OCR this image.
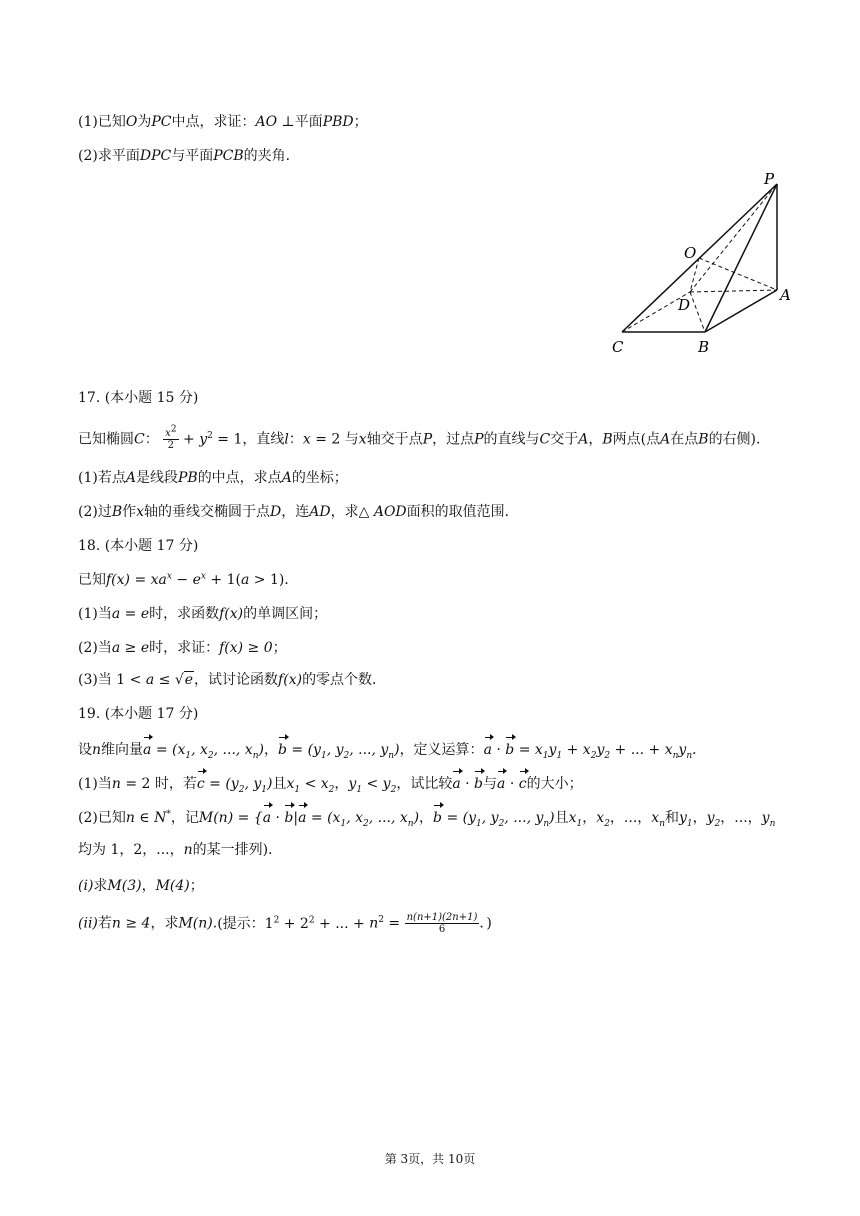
(1)已知O为PC中点，求证：AO ⊥平面PBD；
(2)求平面DPC与平面PCB的夹角．
P
O
D
A
C	B
17. (本小题 15 分)
已知椭圆C： $\frac{x^2}{2} + y^2 = 1$，直线l：x = 2 与x轴交于点P，过点P的直线与C交于A，B两点(点A在点B的右侧)．
(1)若点A是线段PB的中点，求点A的坐标；
(2)过B作x轴的垂线交椭圆于点D，连AD，求△ AOD面积的取值范围．
18. (本小题 17 分)
已知$f(x) = xa^x - e^x + 1(a > 1)$．
(1)当a = e时，求函数f(x)的单调区间；
(2)当a ≥ e时，求证：f(x) ≥ 0；
(3)当 1 < a ≤ √e，试讨论函数f(x)的零点个数．
19. (本小题 17 分)
设n维向量$a = (x_1$, $x_2$, ..., $x_n$)，$b = (y_1$, $y_2$, ..., $y_n$)，定义运算：$a \cdot b = x_1y_1 + x_2y_2$ + ... + $x_ny_n$．
(1)当n = 2 时，若$c = (y_2$, $y_1$)且$x_1 < x_2$，$y_1 < y_2$，试比较a · b与a · c的大小；
(2)已知n ∈ N*，记$M(n) = \{a \cdot b|a = (x_1$, $x_2$, ..., $x_n$)，$b = (y_1$, $y_2$, ..., $y_n$)且$x_1$，$x_2$，...，$x_n$和$y_1$，$y_2$，...，$y_n$
均为 1，2，...，n的某一排列)．
(i)求M(3)，M(4)；
(ii)若n ≥ 4，求M(n).(提示：$1^2 + 2^2$ + ... + $n^2 = \frac{n(n+1)(2n+1)}{6}$ ．)
第 3页，共 10页
